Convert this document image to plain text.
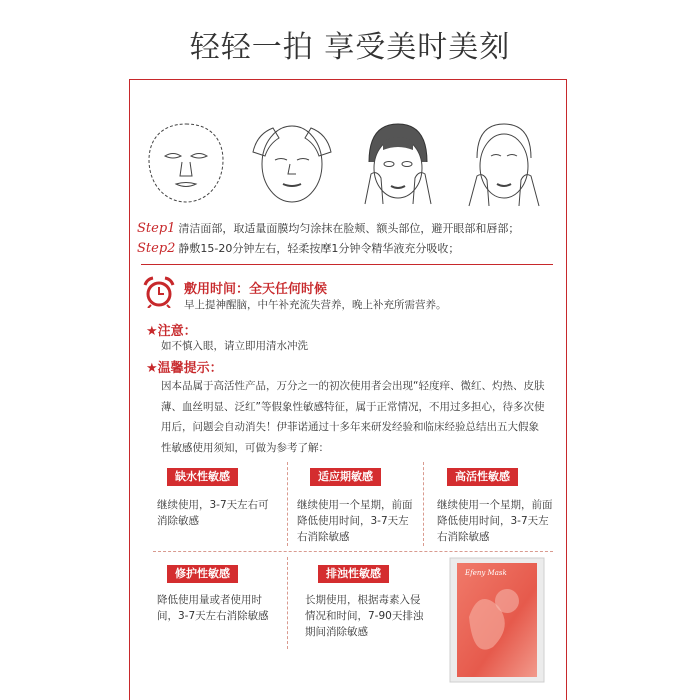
轻轻一拍 享受美时美刻
Step1 清洁面部，取适量面膜均匀涂抹在脸颊、额头部位，避开眼部和唇部；
Step2 静敷15-20分钟左右，轻柔按摩1分钟令精华液充分吸收；
敷用时间：全天任何时候
早上提神醒脑，中午补充流失营养，晚上补充所需营养。
★注意：
如不慎入眼，请立即用清水冲洗
★温馨提示：
因本品属于高活性产品，万分之一的初次使用者会出现“轻度痒、微红、灼热、皮肤薄、血丝明显、泛红”等假象性敏感特征，属于正常情况，不用过多担心，待多次使用后，问题会自动消失！伊菲诺通过十多年来研发经验和临床经验总结出五大假象性敏感使用须知，可做为参考了解：
缺水性敏感
继续使用，3-7天左右可消除敏感
适应期敏感
继续使用一个星期，前面降低使用时间，3-7天左右消除敏感
高活性敏感
继续使用一个星期，前面降低使用时间，3-7天左右消除敏感
修护性敏感
降低使用量或者使用时间，3-7天左右消除敏感
排浊性敏感
长期使用，根据毒素入侵情况和时间，7-90天排浊期间消除敏感
Efeny Mask
